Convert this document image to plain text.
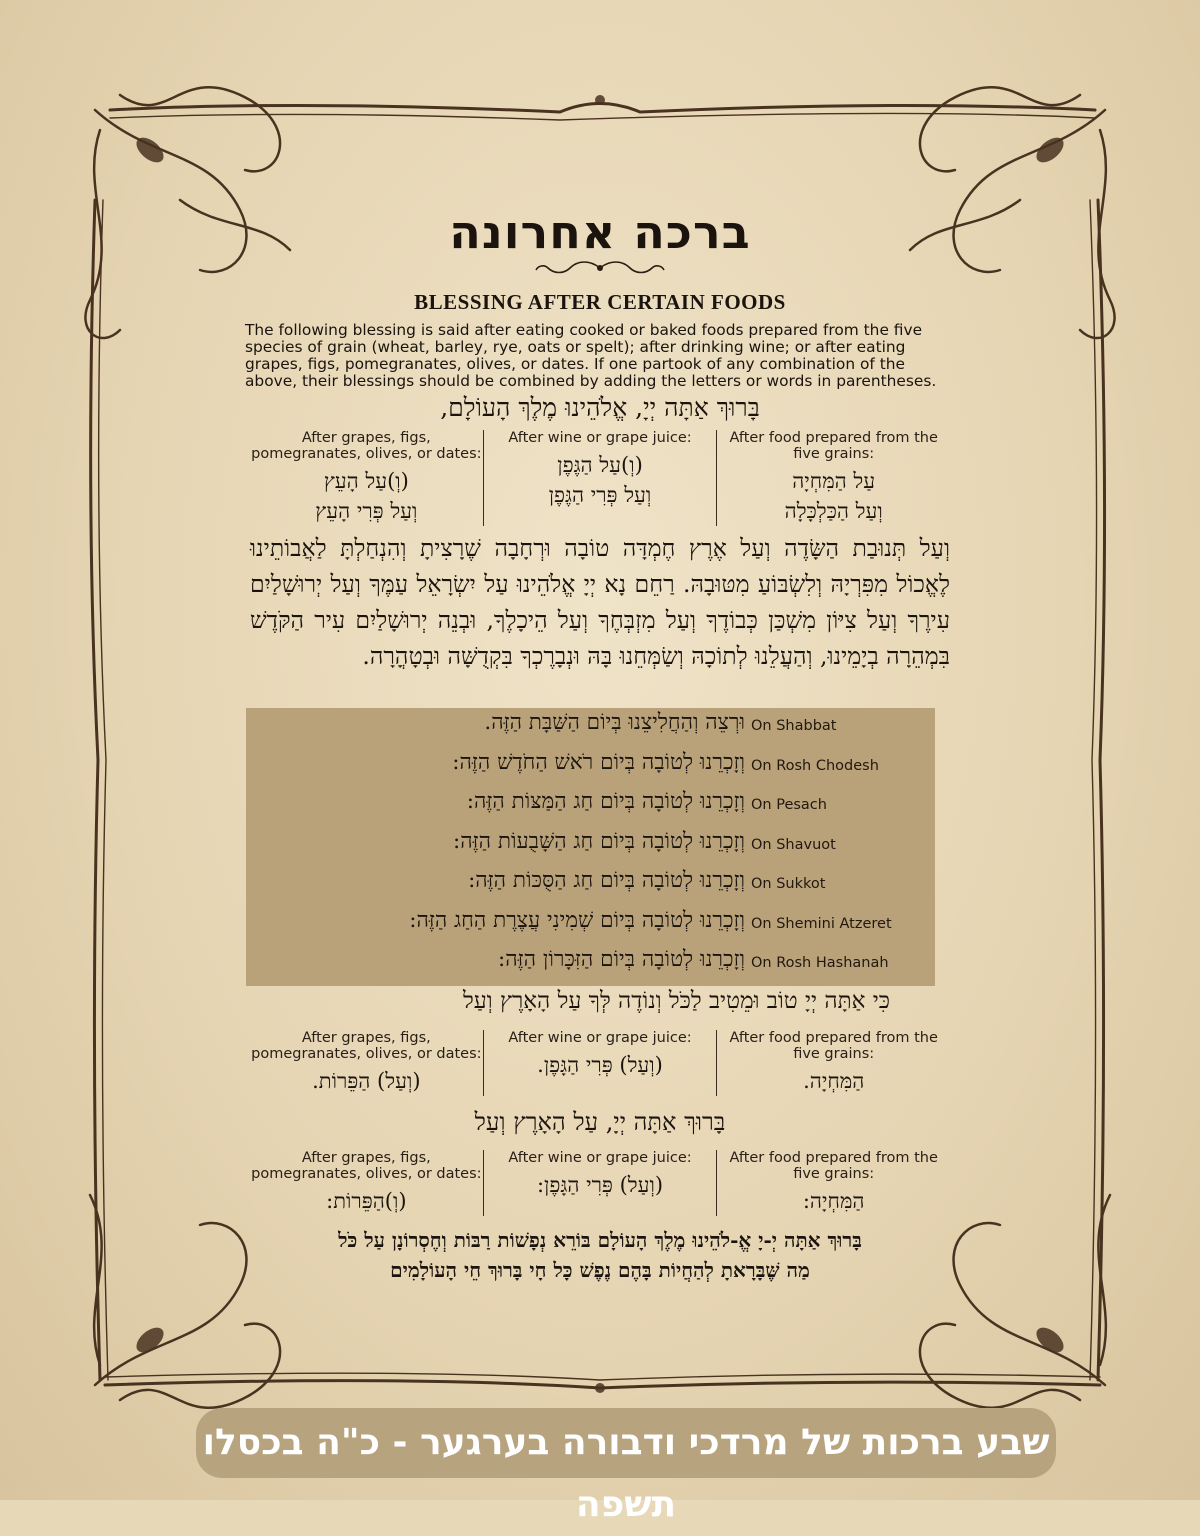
ברכה אחרונה
BLESSING AFTER CERTAIN FOODS
The following blessing is said after eating cooked or baked foods prepared from the five species of grain (wheat, barley, rye, oats or spelt); after drinking wine; or after eating grapes, figs, pomegranates, olives, or dates. If one partook of any combination of the above, their blessings should be combined by adding the letters or words in parentheses.
בָּרוּךְ אַתָּה יְיָ, אֱלֹהֵינוּ מֶלֶךְ הָעוֹלָם,
After grapes, figs, pomegranates, olives, or dates:
(וְ)עַל הָעֵץ
וְעַל פְּרִי הָעֵץ
After wine or grape juice:
(וְ)עַל הַגֶּפֶן
וְעַל פְּרִי הַגֶּפֶן
After food prepared from the five grains:
עַל הַמִּחְיָה
וְעַל הַכַּלְכָּלָה
וְעַל תְּנוּבַת הַשָּׂדֶה וְעַל אֶרֶץ חֶמְדָּה טוֹבָה וּרְחָבָה שֶׁרָצִיתָ וְהִנְחַלְתָּ לַאֲבוֹתֵינוּ לֶאֱכוֹל מִפִּרְיָהּ וְלִשְׂבּוֹעַ מִטּוּבָהּ. רַחֵם נָא יְיָ אֱלֹהֵינוּ עַל יִשְׂרָאֵל עַמֶּךָ וְעַל יְרוּשָׁלַיִם עִירֶךָ וְעַל צִיּוֹן מִשְׁכַּן כְּבוֹדֶךָ וְעַל מִזְבְּחֶךָ וְעַל הֵיכָלֶךָ, וּבְנֵה יְרוּשָׁלַיִם עִיר הַקֹּדֶשׁ בִּמְהֵרָה בְיָמֵינוּ, וְהַעֲלֵנוּ לְתוֹכָהּ וְשַׂמְּחֵנוּ בָּהּ וּנְבָרֶכְךָ בִּקְדֻשָּׁה וּבְטָהֳרָה.
וּרְצֵה וְהַחֲלִיצֵנוּ בְּיוֹם הַשַּׁבָּת הַזֶּה. On Shabbat
וְזָכְרֵנוּ לְטוֹבָה בְּיוֹם רֹאשׁ הַחֹדֶשׁ הַזֶּה: On Rosh Chodesh
וְזָכְרֵנוּ לְטוֹבָה בְּיוֹם חַג הַמַּצּוֹת הַזֶּה: On Pesach
וְזָכְרֵנוּ לְטוֹבָה בְּיוֹם חַג הַשָּׁבֻעוֹת הַזֶּה: On Shavuot
וְזָכְרֵנוּ לְטוֹבָה בְּיוֹם חַג הַסֻּכּוֹת הַזֶּה: On Sukkot
וְזָכְרֵנוּ לְטוֹבָה בְּיוֹם שְׁמִינִי עֲצֶרֶת הַחַג הַזֶּה: On Shemini Atzeret
וְזָכְרֵנוּ לְטוֹבָה בְּיוֹם הַזִּכָּרוֹן הַזֶּה: On Rosh Hashanah
כִּי אַתָּה יְיָ טוֹב וּמֵטִיב לַכֹּל וְנוֹדֶה לְּךָ עַל הָאָרֶץ וְעַל
After grapes, figs, pomegranates, olives, or dates:
(וְעַל) הַפֵּרוֹת.
After wine or grape juice:
(וְעַל) פְּרִי הַגָּפֶן.
After food prepared from the five grains:
הַמִּחְיָה.
בָּרוּךְ אַתָּה יְיָ, עַל הָאָרֶץ וְעַל
After grapes, figs, pomegranates, olives, or dates:
(וְ)הַפֵּרוֹת:
After wine or grape juice:
(וְעַל) פְּרִי הַגָּפֶן:
After food prepared from the five grains:
הַמִּחְיָה:
בָּרוּךְ אַתָּה יְ-יָ אֱ-לֹהֵינוּ מֶלֶךְ הָעוֹלָם בּוֹרֵא נְפָשׁוֹת רַבּוֹת וְחֶסְרוֹנָן עַל כֹּל
מַה שֶּׁבָּרָאתָ לְהַחֲיוֹת בָּהֶם נֶפֶשׁ כָּל חָי בָּרוּךְ חֵי הָעוֹלָמִים
שבע ברכות של מרדכי ודבורה בערגער - כ"ה בכסלו תשפה
